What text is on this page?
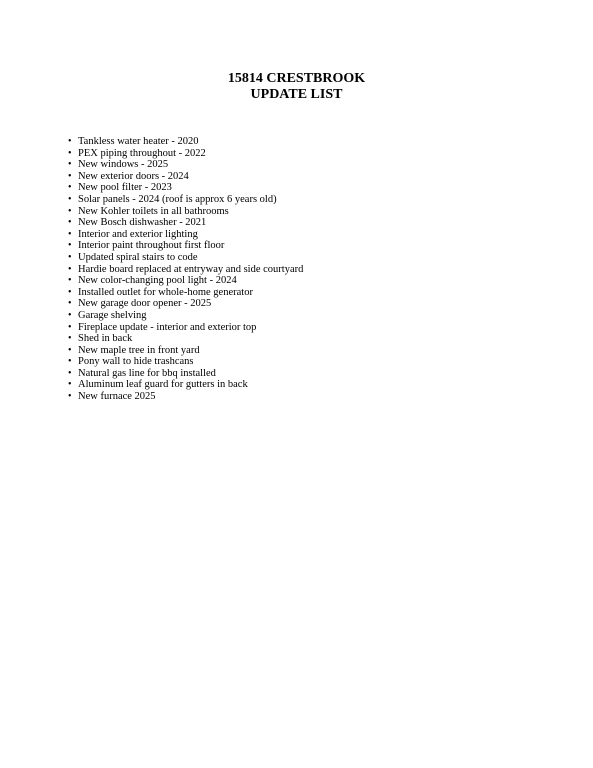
15814 CRESTBROOK
UPDATE LIST
• Tankless water heater - 2020
• PEX piping throughout - 2022
• New windows - 2025
• New exterior doors - 2024
• New pool filter - 2023
• Solar panels - 2024 (roof is approx 6 years old)
• New Kohler toilets in all bathrooms
• New Bosch dishwasher - 2021
• Interior and exterior lighting
• Interior paint throughout first floor
• Updated spiral stairs to code
• Hardie board replaced at entryway and side courtyard
• New color-changing pool light - 2024
• Installed outlet for whole-home generator
• New garage door opener - 2025
• Garage shelving
• Fireplace update - interior and exterior top
• Shed in back
• New maple tree in front yard
• Pony wall to hide trashcans
• Natural gas line for bbq installed
• Aluminum leaf guard for gutters in back
• New furnace 2025
